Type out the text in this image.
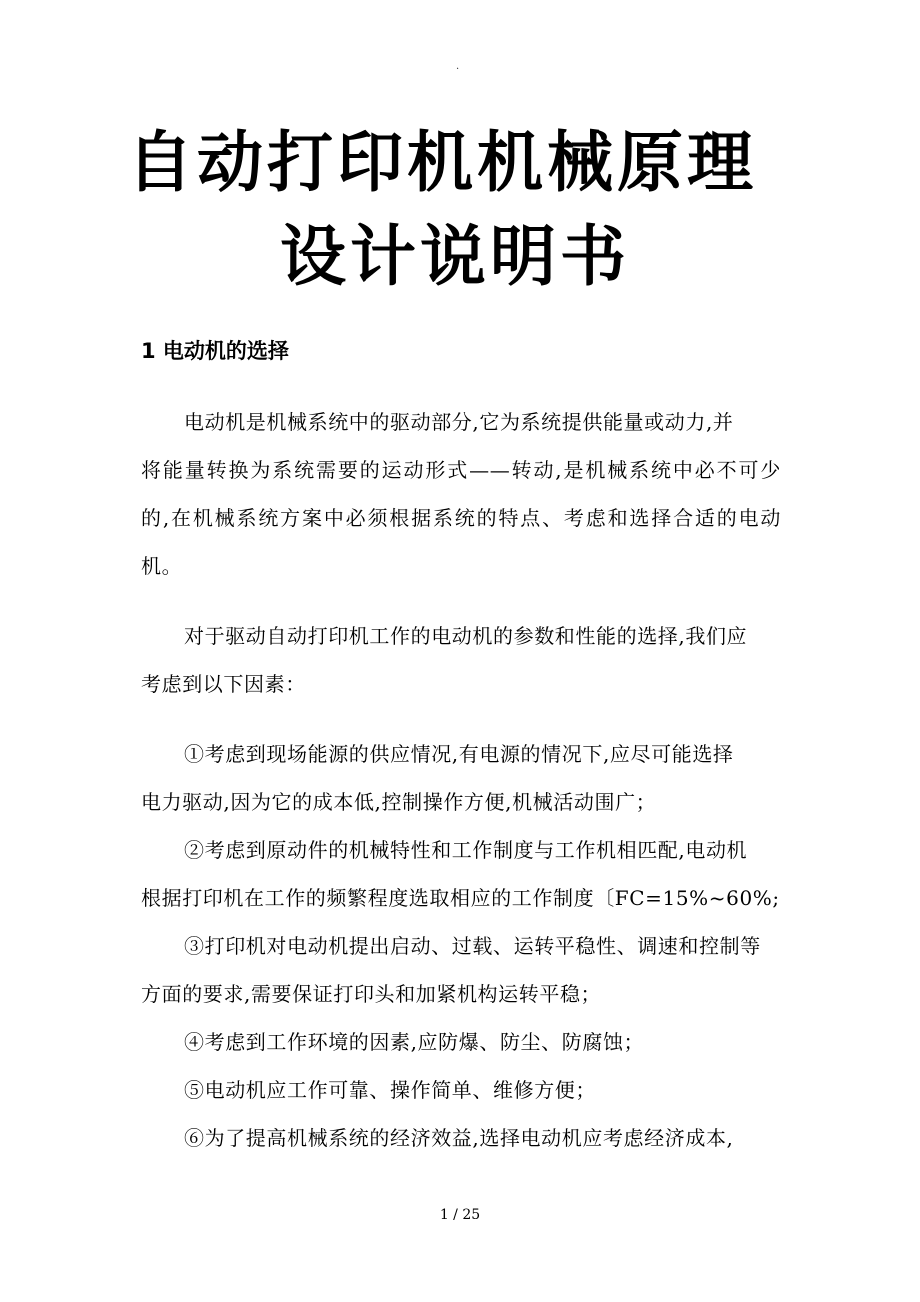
.
自动打印机机械原理
设计说明书
1 电动机的选择
电动机是机械系统中的驱动部分,它为系统提供能量或动力,并
将能量转换为系统需要的运动形式——转动,是机械系统中必不可少
的,在机械系统方案中必须根据系统的特点、考虑和选择合适的电动
机。
对于驱动自动打印机工作的电动机的参数和性能的选择,我们应
考虑到以下因素：
①考虑到现场能源的供应情况,有电源的情况下,应尽可能选择
电力驱动,因为它的成本低,控制操作方便,机械活动围广；
②考虑到原动件的机械特性和工作制度与工作机相匹配,电动机
根据打印机在工作的频繁程度选取相应的工作制度〔FC=15%~60%;
③打印机对电动机提出启动、过载、运转平稳性、调速和控制等
方面的要求,需要保证打印头和加紧机构运转平稳；
④考虑到工作环境的因素,应防爆、防尘、防腐蚀；
⑤电动机应工作可靠、操作简单、维修方便；
⑥为了提高机械系统的经济效益,选择电动机应考虑经济成本,
1 / 25
